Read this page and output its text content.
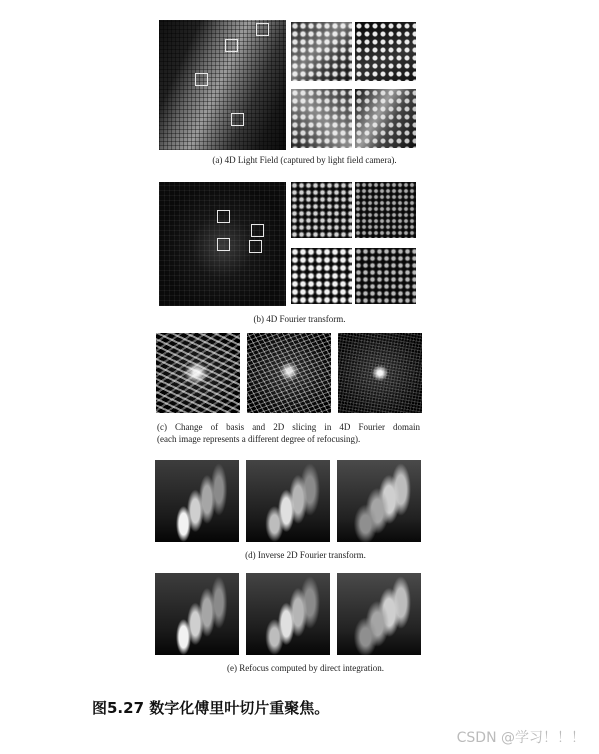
(a) 4D Light Field (captured by light field camera).
(b) 4D Fourier transform.
(c) Change of basis and 2D slicing in 4D Fourier domain
(each image represents a different degree of refocusing).
(d) Inverse 2D Fourier transform.
(e) Refocus computed by direct integration.
图5.27 数字化傅里叶切片重聚焦。
CSDN @学习！！！
